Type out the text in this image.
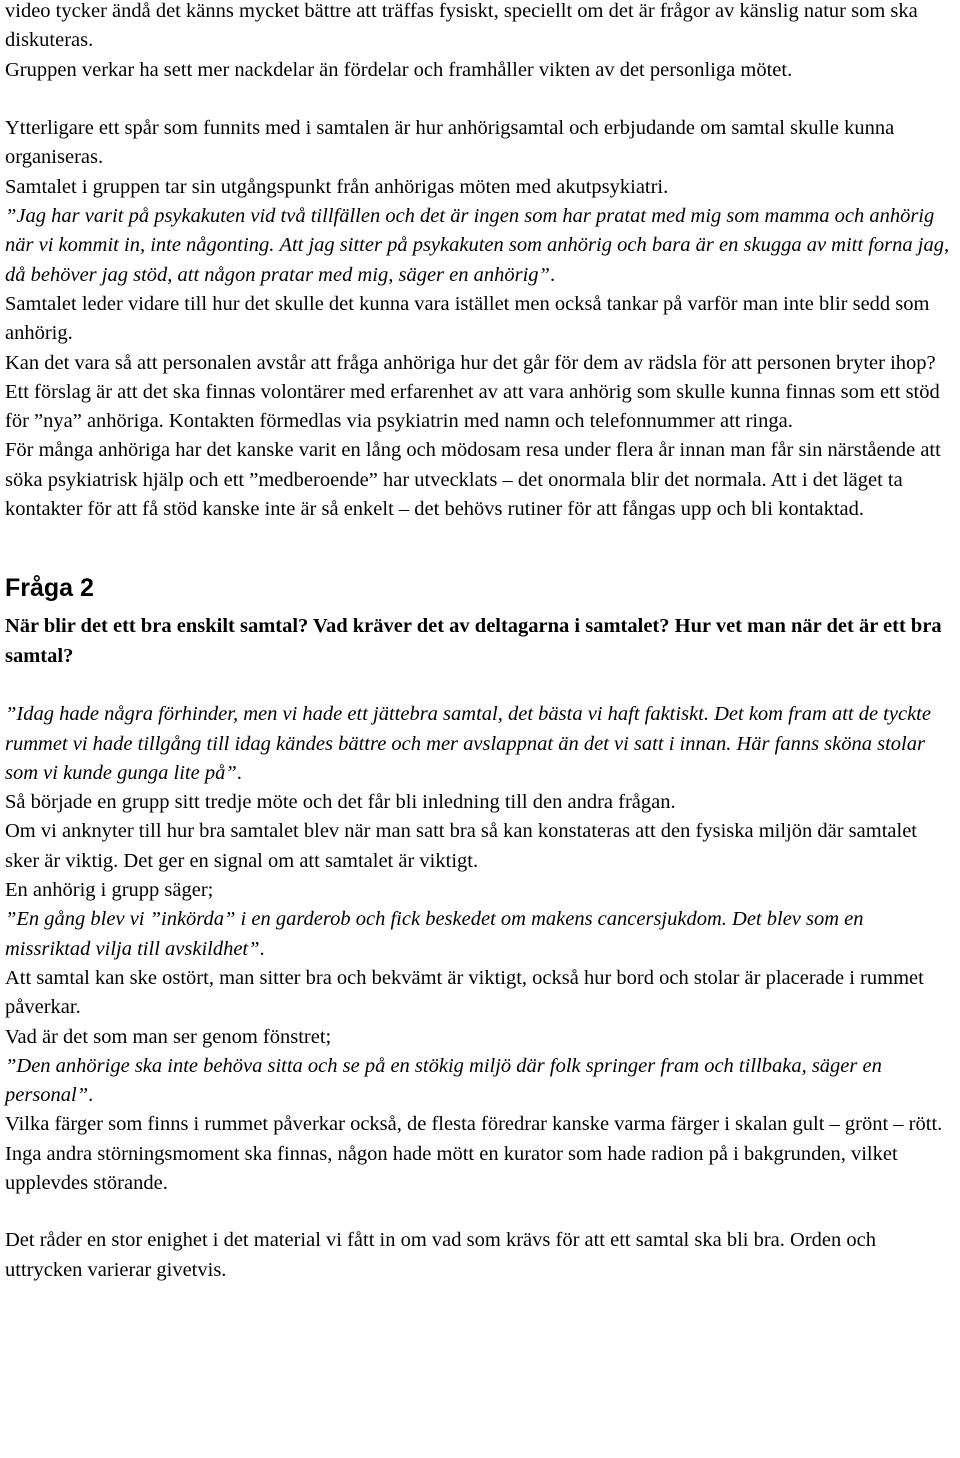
video tycker ändå det känns mycket bättre att träffas fysiskt, speciellt om det är frågor av känslig natur som ska diskuteras.

Gruppen verkar ha sett mer nackdelar än fördelar och framhåller vikten av det personliga mötet.

Ytterligare ett spår som funnits med i samtalen är hur anhörigsamtal och erbjudande om samtal skulle kunna organiseras.

Samtalet i gruppen tar sin utgångspunkt från anhörigas möten med akutpsykiatri.

”Jag har varit på psykakuten vid två tillfällen och det är ingen som har pratat med mig som mamma och anhörig när vi kommit in, inte någonting. Att jag sitter på psykakuten som anhörig och bara är en skugga av mitt forna jag, då behöver jag stöd, att någon pratar med mig, säger en anhörig”.

Samtalet leder vidare till hur det skulle det kunna vara istället men också tankar på varför man inte blir sedd som anhörig.

Kan det vara så att personalen avstår att fråga anhöriga hur det går för dem av rädsla för att personen bryter ihop?

Ett förslag är att det ska finnas volontärer med erfarenhet av att vara anhörig som skulle kunna finnas som ett stöd för ”nya” anhöriga. Kontakten förmedlas via psykiatrin med namn och telefonnummer att ringa.

För många anhöriga har det kanske varit en lång och mödosam resa under flera år innan man får sin närstående att söka psykiatrisk hjälp och ett ”medberoende” har utvecklats – det onormala blir det normala. Att i det läget ta kontakter för att få stöd kanske inte är så enkelt – det behövs rutiner för att fångas upp och bli kontaktad.

Fråga 2

När blir det ett bra enskilt samtal? Vad kräver det av deltagarna i samtalet? Hur vet man när det är ett bra samtal?

”Idag hade några förhinder, men vi hade ett jättebra samtal, det bästa vi haft faktiskt. Det kom fram att de tyckte rummet vi hade tillgång till idag kändes bättre och mer avslappnat än det vi satt i innan. Här fanns sköna stolar som vi kunde gunga lite på”.

Så började en grupp sitt tredje möte och det får bli inledning till den andra frågan.

Om vi anknyter till hur bra samtalet blev när man satt bra så kan konstateras att den fysiska miljön där samtalet sker är viktig. Det ger en signal om att samtalet är viktigt.

En anhörig i grupp säger;

”En gång blev vi ”inkörda” i en garderob och fick beskedet om makens cancersjukdom. Det blev som en missriktad vilja till avskildhet”.

Att samtal kan ske ostört, man sitter bra och bekvämt är viktigt, också hur bord och stolar är placerade i rummet påverkar.

Vad är det som man ser genom fönstret;

”Den anhörige ska inte behöva sitta och se på en stökig miljö där folk springer fram och tillbaka, säger en personal”.

Vilka färger som finns i rummet påverkar också, de flesta föredrar kanske varma färger i skalan gult – grönt – rött.

Inga andra störningsmoment ska finnas, någon hade mött en kurator som hade radion på i bakgrunden, vilket upplevdes störande.

Det råder en stor enighet i det material vi fått in om vad som krävs för att ett samtal ska bli bra. Orden och uttrycken varierar givetvis.
